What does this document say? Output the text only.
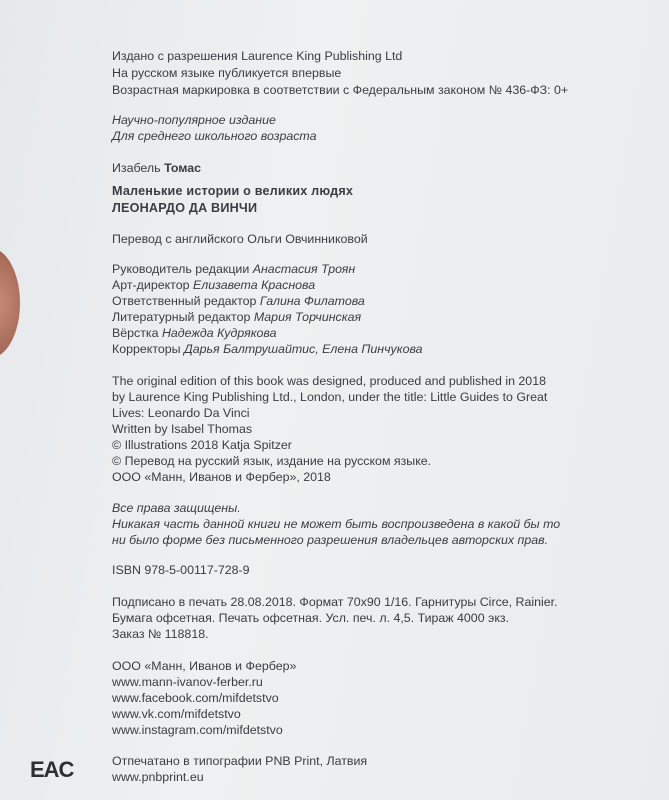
Издано с разрешения Laurence King Publishing Ltd
На русском языке публикуется впервые
Возрастная маркировка в соответствии с Федеральным законом № 436-ФЗ: 0+
Научно-популярное издание
Для среднего школьного возраста
Изабель Томас
Маленькие истории о великих людях
ЛЕОНАРДО ДА ВИНЧИ
Перевод с английского Ольги Овчинниковой
Руководитель редакции Анастасия Троян
Арт-директор Елизавета Краснова
Ответственный редактор Галина Филатова
Литературный редактор Мария Торчинская
Вёрстка Надежда Кудрякова
Корректоры Дарья Балтрушайтис, Елена Пинчукова
The original edition of this book was designed, produced and published in 2018
by Laurence King Publishing Ltd., London, under the title: Little Guides to Great
Lives: Leonardo Da Vinci
Written by Isabel Thomas
© Illustrations 2018 Katja Spitzer
© Перевод на русский язык, издание на русском языке.
ООО «Манн, Иванов и Фербер», 2018
Все права защищены.
Никакая часть данной книги не может быть воспроизведена в какой бы то
ни было форме без письменного разрешения владельцев авторских прав.
ISBN 978-5-00117-728-9
Подписано в печать 28.08.2018. Формат 70х90 1/16. Гарнитуры Circe, Rainier.
Бумага офсетная. Печать офсетная. Усл. печ. л. 4,5. Тираж 4000 экз.
Заказ № 118818.
ООО «Манн, Иванов и Фербер»
www.mann-ivanov-ferber.ru
www.facebook.com/mifdetstvo
www.vk.com/mifdetstvo
www.instagram.com/mifdetstvo
Отпечатано в типографии PNB Print, Латвия
www.pnbprint.eu
EAC
